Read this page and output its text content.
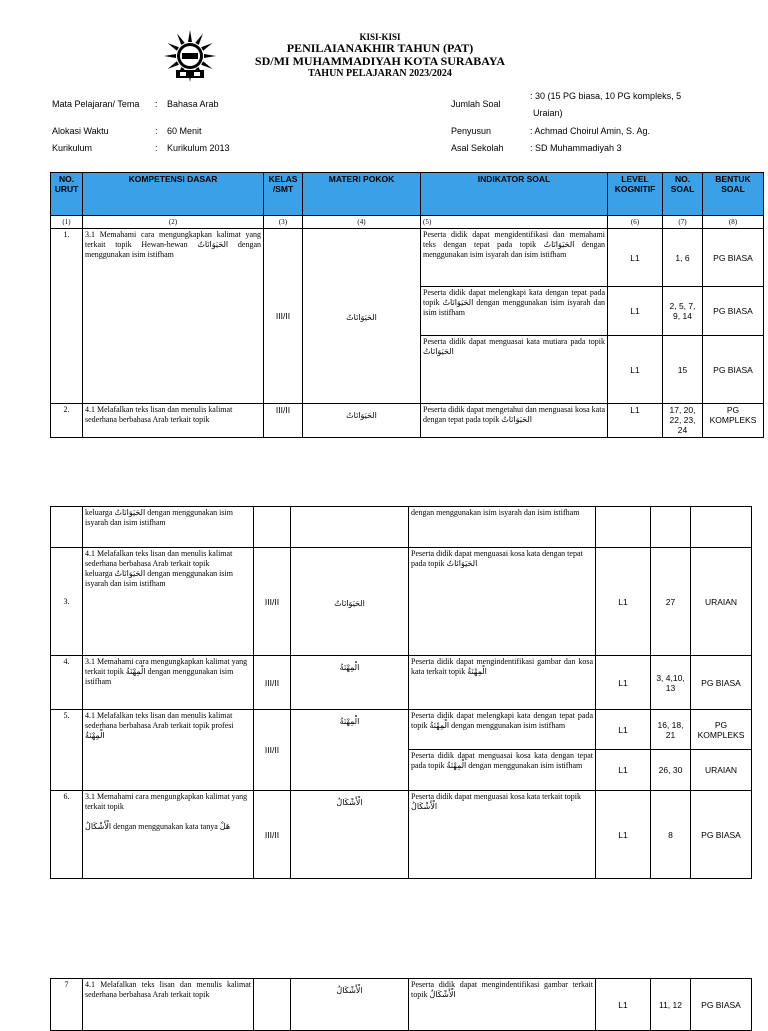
KISI-KISI
PENILAIANAKHIR TAHUN (PAT)
SD/MI MUHAMMADIYAH KOTA SURABAYA
TAHUN PELAJARAN 2023/2024
Mata Pelajaran/ Tema : Bahasa Arab
Alokasi Waktu	: 60 Menit
Kurikulum	: Kurikulum 2013
Jumlah Soal
: 30 (15 PG biasa, 10 PG kompleks, 5
Uraian)
Penyusun	: Achmad Choirul Amin, S. Ag.
Asal Sekolah	: SD Muhammadiyah 3
NO. URUT	KOMPETENSI DASAR	KELAS /SMT	MATERI POKOK	INDIKATOR SOAL	LEVEL KOGNITIF	NO. SOAL	BENTUK SOAL
(1)	(2)	(3)	(4)	(5)	(6)	(7)	(8)
1.	3.1 Memahami cara mengungkapkan kalimat yang terkait topik Hewan-hewan الحَيَوَانَاتُ dengan menggunakan isim istifham	III/II	الحَيَوَانَاتُ	Peserta didik dapat mengidentifikasi dan memahami teks dengan tepat pada topik الحَيَوَانَاتُ dengan menggunakan isim isyarah dan isim istifham	L1	1, 6	PG BIASA
				Peserta didik dapat melengkapi kata dengan tepat pada topik الحَيَوَانَاتُ dengan menggunakan isim isyarah dan isim istifham	L1	2, 5, 7, 9, 14	PG BIASA
				Peserta didik dapat menguasai kata mutiara pada topik الحَيَوَانَاتُ	L1	15	PG BIASA
2.	4.1 Melafalkan teks lisan dan menulis kalimat sederhana berbahasa Arab terkait topik	III/II	الحَيَوَانَاتُ	Peserta didik dapat mengetahui dan menguasai kosa kata dengan tepat pada topik الحَيَوَانَاتُ	L1	17, 20, 22, 23, 24	PG KOMPLEKS
	keluarga الحَيَوَانَاتُ dengan menggunakan isim isyarah dan isim istifham			dengan menggunakan isim isyarah dan isim istifham			
3.	4.1 Melafalkan teks lisan dan menulis kalimat sederhana berbahasa Arab terkait topik
keluarga الحَيَوَانَاتُ dengan menggunakan isim isyarah dan isim istifham	III/II	الحَيَوَانَاتُ	Peserta didik dapat menguasai kosa kata dengan tepat pada topik الحَيَوَانَاتُ	L1	27	URAIAN
4.	3.1 Memahami cara mengungkapkan kalimat yang terkait topik الْمِهْنَةُ dengan menggunakan isim istifham	III/II	الْمِهْنَةُ	Peserta didik dapat mengindentifikasi gambar dan kosa kata terkait topik الْمِهْنَةُ	L1	3, 4,10, 13	PG BIASA
5.	4.1 Melafalkan teks lisan dan menulis kalimat sederhana berbahasa Arab terkait topik profesi الْمِهْنَةُ	III/II	الْمِهْنَةُ	Peserta didik dapat melengkapi kata dengan tepat pada topik الْمِهْنَةُ dengan menggunakan isim istifham	L1	16, 18, 21	PG KOMPLEKS
				Peserta didik dapat menguasai kosa kata dengan tepat pada topik الْمِهْنَةُ dengan menggunakan isim istifham	L1	26, 30	URAIAN
6.	3.1 Memahami cara mengungkapkan kalimat yang terkait topik

الْأَشْكَالُ dengan menggunakan kata tanya هَلْ	III/II	الْأَشْكَالُ	Peserta didik dapat menguasai kosa kata terkait topik الْأَشْكَالُ	L1	8	PG BIASA
7	4.1 Melafalkan teks lisan dan menulis kalimat sederhana berbahasa Arab terkait topik		الْأَشْكَالُ	Peserta didik dapat mengindentifikasi gambar terkait topik الْأَشْكَالُ	L1	11, 12	PG BIASA
